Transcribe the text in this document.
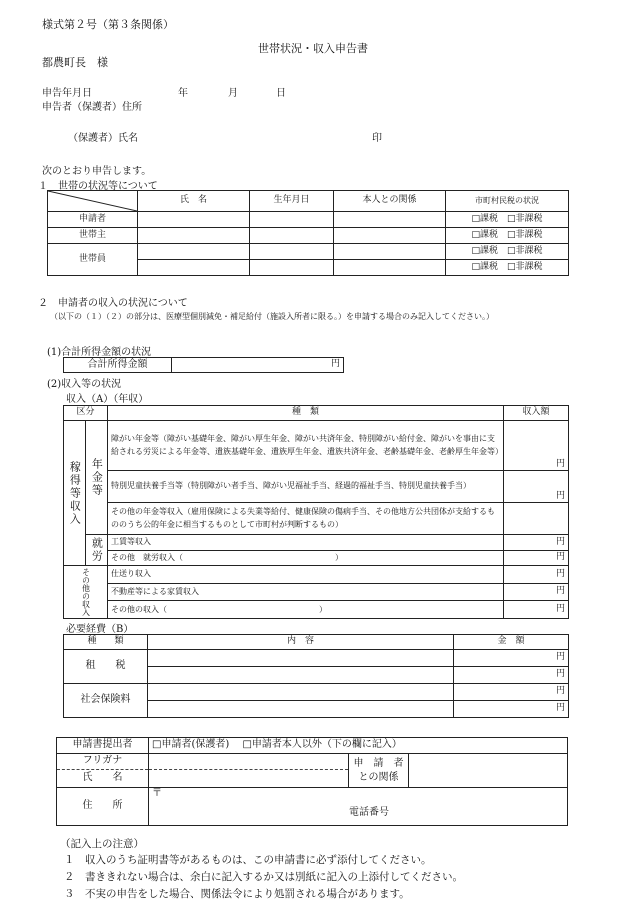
様式第２号（第３条関係）
世帯状況・収入申告書
都農町長　様
申告年月日	年	月	日
申告者（保護者）住所
（保護者）氏名	印
次のとおり申告します。
１　世帯の状況等について
	氏　名	生年月日	本人との関係	市町村民税の状況
申請者				□課税　□非課税
世帯主				□課税　□非課税
世帯員				□課税　□非課税
				□課税　□非課税
２　申請者の収入の状況について
（以下の（１）（２）の部分は、医療型個別減免・補足給付（施設入所者に限る。）を申請する場合のみ記入してください。）
(1)合計所得金額の状況
合計所得金額	円
(2)収入等の状況
収入（A）（年収）
区分		種　類	収入額
稼得等収入	年金等	障がい年金等（障がい基礎年金、障がい厚生年金、障がい共済年金、特別障がい給付金、障がいを事由に支給される労災による年金等、遺族基礎年金、遺族厚生年金、遺族共済年金、老齢基礎年金、老齢厚生年金等）	円
		特別児童扶養手当等（特別障がい者手当、障がい児福祉手当、経過的福祉手当、特別児童扶養手当）	円
		その他の年金等収入（雇用保険による失業等給付、健康保険の傷病手当、その他地方公共団体が支給するもののうち公的年金に相当するものとして市町村が判断するもの）	
	就労	工賃等収入	円
		その他　就労収入（　　　　　　　　　　　　　　　　　　　）	円
その他の収入		仕送り収入	円
		不動産等による家賃収入	円
		その他の収入（　　　　　　　　　　　　　　　　　　　）	円
必要経費（B）
種　　類	内　容	金　額
租　　税		円
		円
社会保険料		円
		円
申請書提出者	□申請者(保護者)　 □申請者本人以外（下の欄に記入）		
フリガナ		申　請　者
との関係	
氏　　名			
住　　所	〒
電話番号		
（記入上の注意）
１　収入のうち証明書等があるものは、この申請書に必ず添付してください。
２　書ききれない場合は、余白に記入するか又は別紙に記入の上添付してください。
３　不実の申告をした場合、関係法令により処罰される場合があります。
